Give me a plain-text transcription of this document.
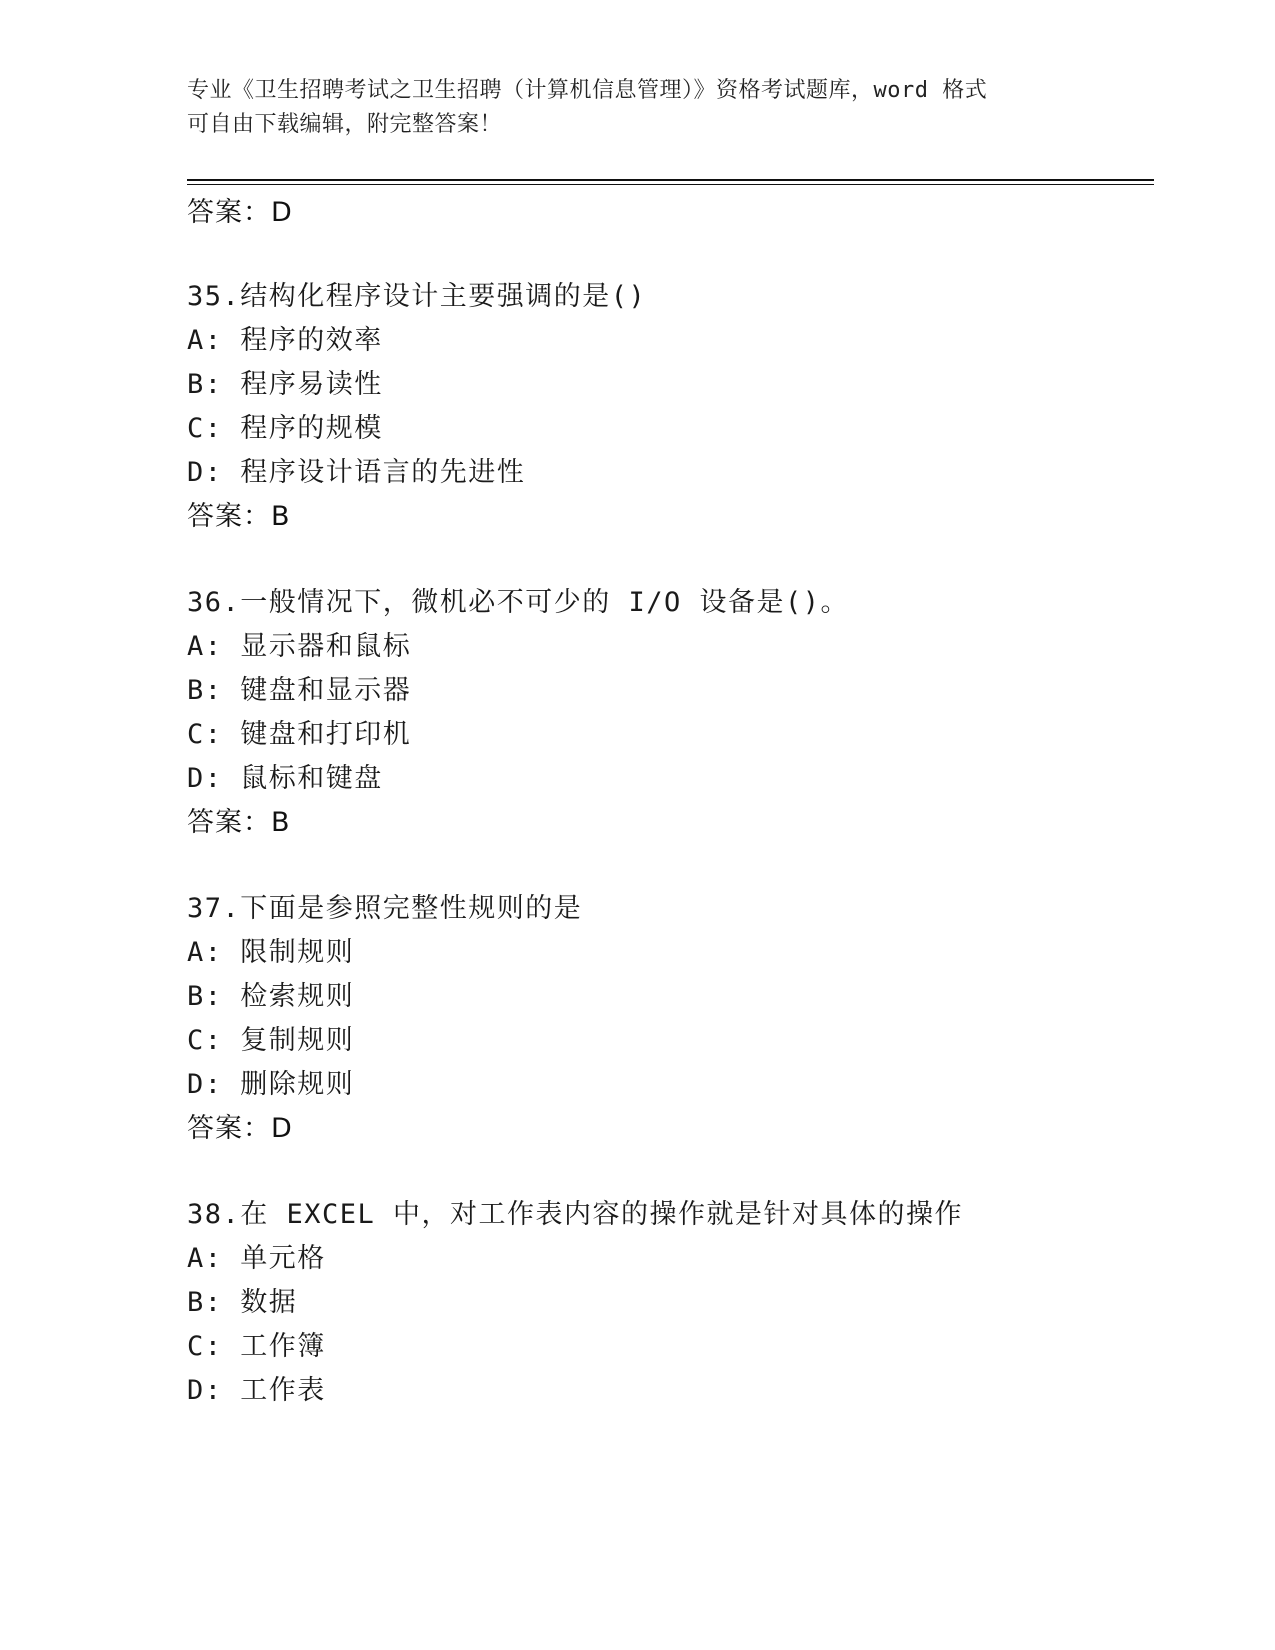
专业《卫生招聘考试之卫生招聘（计算机信息管理）》资格考试题库，word 格式
可自由下载编辑，附完整答案！
答案：D
35.结构化程序设计主要强调的是()
A: 程序的效率
B: 程序易读性
C: 程序的规模
D: 程序设计语言的先进性
答案：B
36.一般情况下，微机必不可少的 I/O 设备是()。
A: 显示器和鼠标
B: 键盘和显示器
C: 键盘和打印机
D: 鼠标和键盘
答案：B
37.下面是参照完整性规则的是
A: 限制规则
B: 检索规则
C: 复制规则
D: 删除规则
答案：D
38.在 EXCEL 中，对工作表内容的操作就是针对具体的操作
A: 单元格
B: 数据
C: 工作簿
D: 工作表
